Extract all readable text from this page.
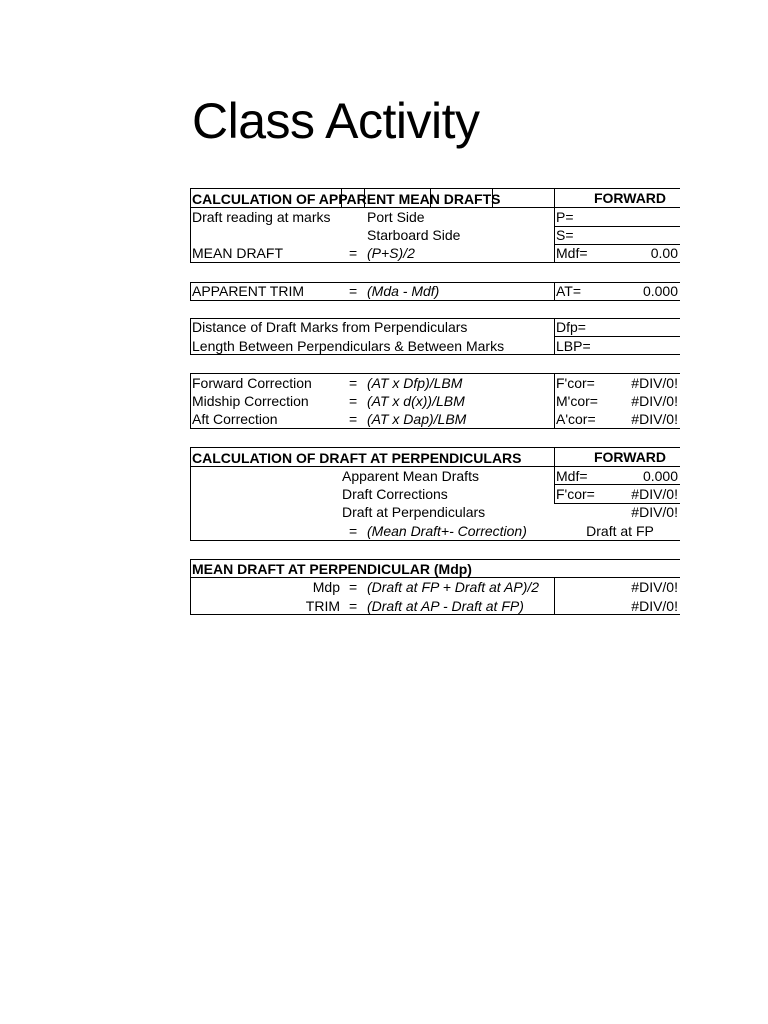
Class Activity
CALCULATION OF APPARENT MEAN DRAFTS	FORWARD
Draft reading at marks	Port Side	P=
Starboard Side	S=
MEAN DRAFT	= (P+S)/2	Mdf=	0.00
APPARENT TRIM	= (Mda - Mdf)	AT=	0.000
Distance of Draft Marks from Perpendiculars	Dfp=
Length Between Perpendiculars & Between Marks	LBP=
Forward Correction	= (AT x Dfp)/LBM	F'cor=	#DIV/0!
Midship Correction	= (AT x d(x))/LBM	M'cor=	#DIV/0!
Aft Correction	= (AT x Dap)/LBM	A'cor=	#DIV/0!
CALCULATION OF DRAFT AT PERPENDICULARS	FORWARD
Apparent Mean Drafts	Mdf=	0.000
Draft Corrections	F'cor=	#DIV/0!
Draft at Perpendiculars	#DIV/0!
= (Mean Draft+- Correction)	Draft at FP
MEAN DRAFT AT PERPENDICULAR (Mdp)
Mdp = (Draft at FP + Draft at AP)/2	#DIV/0!
TRIM = (Draft at AP - Draft at FP)	#DIV/0!
